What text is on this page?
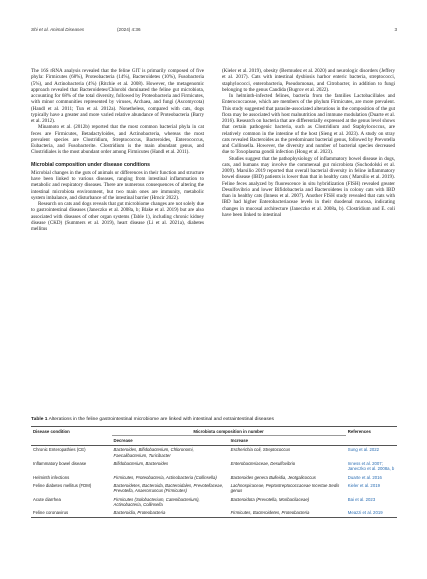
Shi et al. Animal Diseases	(2024) 4:36	3

The 16S rRNA analysis revealed that the feline GIT is primarily composed of five phyla: Firmicutes (68%), Proteobacteria (14%), Bacteroidetes (10%), Fusobacteria (5%), and Actinobacteria (4%) (Ritchie et al. 2008). However, the metagenomic approach revealed that Bacteroidetes/Chlorobi dominated the feline gut microbiota, accounting for 68% of the total diversity, followed by Proteobacteria and Firmicutes, with minor communities represented by viruses, Archaea, and fungi (Ascomycota) (Handl et al. 2011; Tun et al. 2012a). Nonetheless, compared with cats, dogs typically have a greater and more varied relative abundance of Proteobacteria (Barry et al. 2012).

Minamoto et al. (2012b) reported that the most common bacterial phyla in cat feces are Firmicutes, Betadactyloides, and Actinobacteria, whereas the most prevalent species are Clostridium, Streptococcus, Bacteroides, Enterococcus, Eubacteria, and Fusobacterite. Clostridium is the main abundant genus, and Clostridiales is the most abundant order among Firmicutes (Handl et al. 2011).

Microbial composition under disease conditions

Microbial changes in the guts of animals or differences in their function and structure have been linked to various diseases, ranging from intestinal inflammation to metabolic and respiratory diseases. There are numerous consequences of altering the intestinal microbiota environment, but two main ones are immunity, metabolic system imbalance, and disturbance of the intestinal barrier (Hrncir 2022).

Research on cats and dogs reveals that gut microbiome changes are not solely due to gastrointestinal diseases (Janeczko et al. 2008a, b; Blake et al. 2019) but are also associated with diseases of other organ systems (Table 1), including chronic kidney disease (CKD) (Summers et al. 2019), heart disease (Li et al. 2021a), diabetes mellitus

(Kieler et al. 2019), obesity (Bermudez et al. 2020) and neurologic disorders (Jeffery et al. 2017). Cats with intestinal dysbiosis harbor enteric bacteria, streptococci, staphylococci, enterobacteria, Pseudomonas, and Citrobacter, in addition to fungi belonging to the genus Candida (Bugrov et al. 2022).

In helminth-infected felines, bacteria from the families Lactobacillales and Enterococcaceae, which are members of the phylum Firmicutes, are more prevalent. This study suggested that parasite-associated alterations in the composition of the gut flora may be associated with host malnutrition and immune modulation (Duarte et al. 2016). Research on bacteria that are differentially expressed at the genus level shows that certain pathogenic bacteria, such as Clostridium and Staphylococcus, are relatively common in the intestine of the host (Sieng et al. 2023). A study on stray cats revealed Bacteroides as the predominant bacterial genus, followed by Prevotella and Collinsella. However, the diversity and number of bacterial species decreased due to Toxoplasma gondii infection (Hong et al. 2023).

Studies suggest that the pathophysiology of inflammatory bowel disease in dogs, cats, and humans may involve the commensal gut microbiota (Suchodolski et al. 2009). Marsilio 2019 reported that overall bacterial diversity in feline inflammatory bowel disease (IBD) patients is lower than that in healthy cats ( Marsilio et al. 2019). Feline feces analyzed by fluorescence in situ hybridization (FISH) revealed greater Desulfovibrio and lower Bifidobacteria and Bacteroidetes in colony cats with IBD than in healthy cats (Inness et al. 2007). Another FISH study revealed that cats with IBD had higher Enterobacteriaceae levels in their duodenal mucosa, indicating changes in mucosal architecture (Janeczko et al. 2008a, b). Clostridium and E. coli have been linked to intestinal

Table 1 Alterations in the feline gastrointestinal microbiome are linked with intestinal and extraintestinal diseases
Disease condition	Microbiota composition in number		References
	Decrease	Increase	
Chronic Enteropathies (CE)	Bacteroides, Bifidobacterium, Chloronomi, Faecalibacterium, Turicibacter	Escherichia coli, Streptococcus	Sung et al. 2022
Inflammatory bowel disease	Bifidobacterium, Bacteroides	Enterobacteriaceae, Desulfovibrio	Inness et al. 2007; Janeczko et al. 2008a, b
Helminth infections	Firmicutes, Proteobacteria, Actinobacteria (Collinsella)	Bacteroides genera Bulleidia, Jeotgalicoccus	Duarte et al. 2016
Feline diabetes mellitus (FDM)	Bacteroidetes, Bacteroida, Bacteroidales, Prevotellaceae, Prevotella, Anaerorruncus (Firmicutes)	Lachnospiraceae, Peptostreptococcaceae Incertae Sedis genus	Kieler et al. 2019
Acute diarrhea	Firmicutes (Solobacterium, Catenibacterium), Actinobacteria, Collinsella	Bacteroidota (Prevotella, Moribacilaceae)	Bai et al. 2023
Feline coronavirus	Bacteroidia, Proteobacteria	Firmicutes, Bacteroidetes, Proteobacteria	Meazzi et al. 2019
